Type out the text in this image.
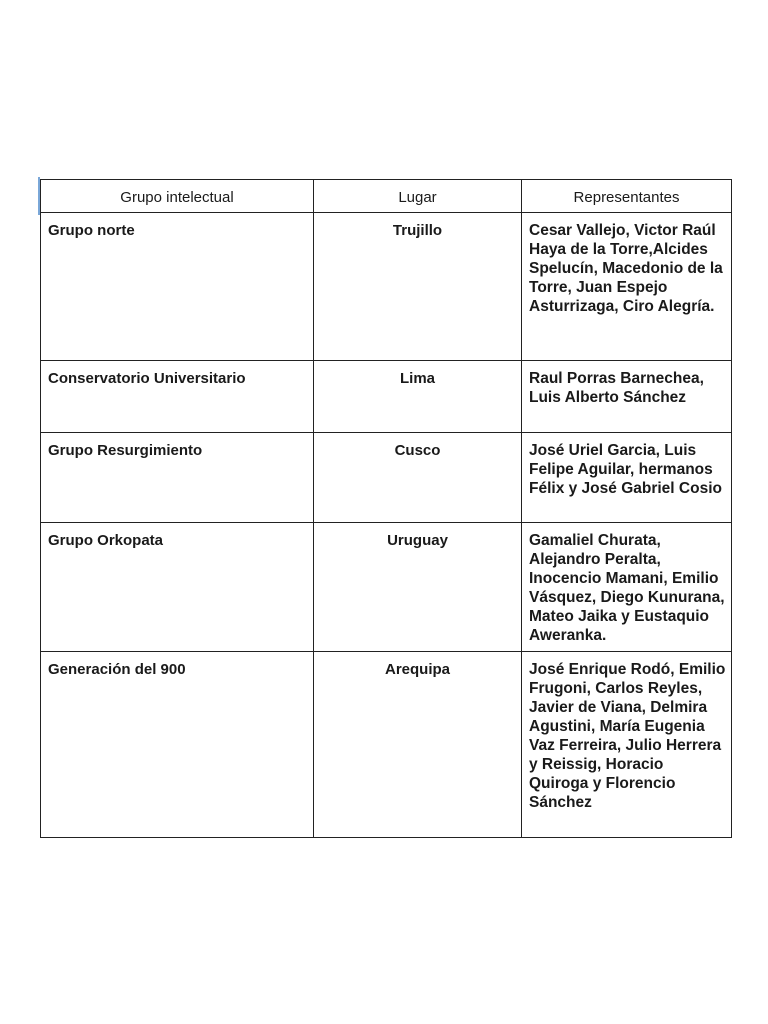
Grupo intelectual	Lugar	Representantes
Grupo norte	Trujillo	Cesar Vallejo, Victor Raúl Haya de la Torre,Alcides Spelucín, Macedonio de la Torre, Juan Espejo Asturrizaga, Ciro Alegría.
Conservatorio Universitario	Lima	Raul Porras Barnechea, Luis Alberto Sánchez
Grupo Resurgimiento	Cusco	José Uriel Garcia, Luis Felipe Aguilar, hermanos Félix y José Gabriel Cosio
Grupo Orkopata	Uruguay	Gamaliel Churata, Alejandro Peralta, Inocencio Mamani, Emilio Vásquez, Diego Kunurana, Mateo Jaika y Eustaquio Aweranka.
Generación del 900	Arequipa	José Enrique Rodó, Emilio Frugoni, Carlos Reyles, Javier de Viana, Delmira Agustini, María Eugenia Vaz Ferreira, Julio Herrera y Reissig, Horacio Quiroga y Florencio Sánchez
